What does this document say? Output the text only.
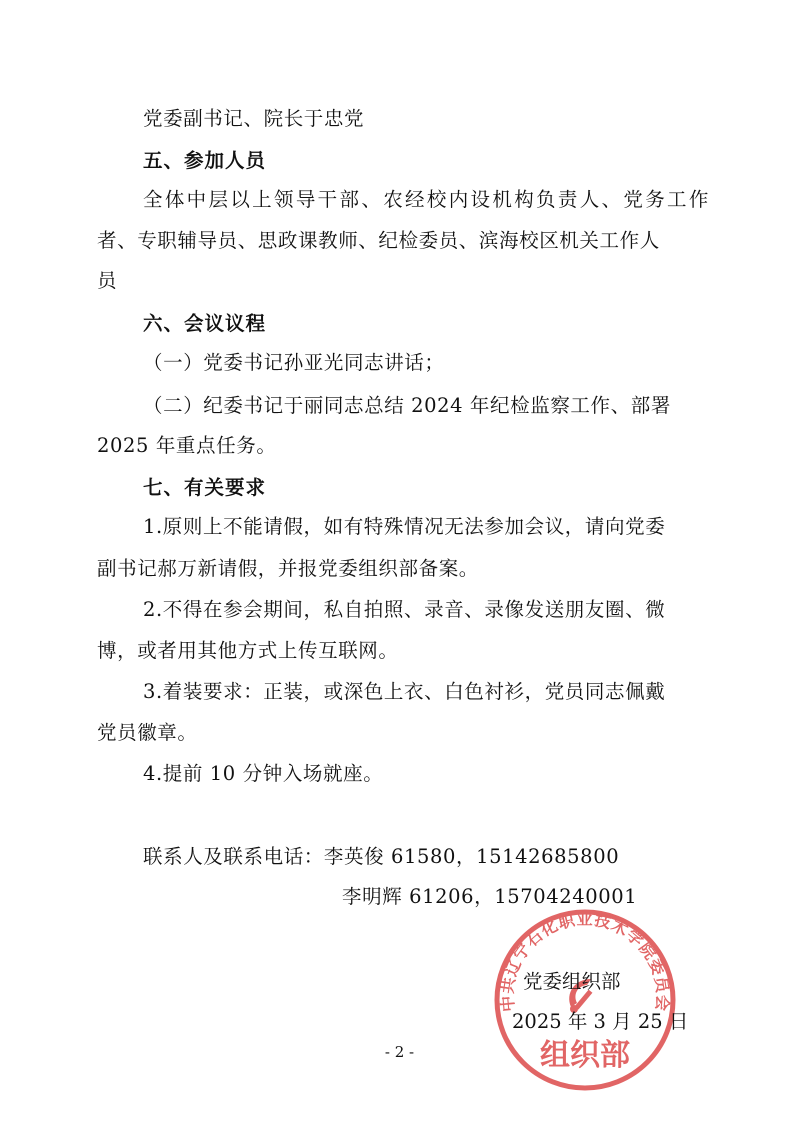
党委副书记、院长于忠党
五、参加人员
全体中层以上领导干部、农经校内设机构负责人、党务工作
者、专职辅导员、思政课教师、纪检委员、滨海校区机关工作人
员
六、会议议程
（一）党委书记孙亚光同志讲话；
（二）纪委书记于丽同志总结 2024 年纪检监察工作、部署
2025 年重点任务。
七、有关要求
1.原则上不能请假，如有特殊情况无法参加会议，请向党委
副书记郝万新请假，并报党委组织部备案。
2.不得在参会期间，私自拍照、录音、录像发送朋友圈、微
博，或者用其他方式上传互联网。
3.着装要求：正装，或深色上衣、白色衬衫，党员同志佩戴
党员徽章。
4.提前 10 分钟入场就座。
联系人及联系电话：李英俊 61580，15142685800
李明辉 61206，15704240001
中共辽宁石化职业技术学院委员会
组织部
党委组织部
2025 年 3 月 25 日
- 2 -
